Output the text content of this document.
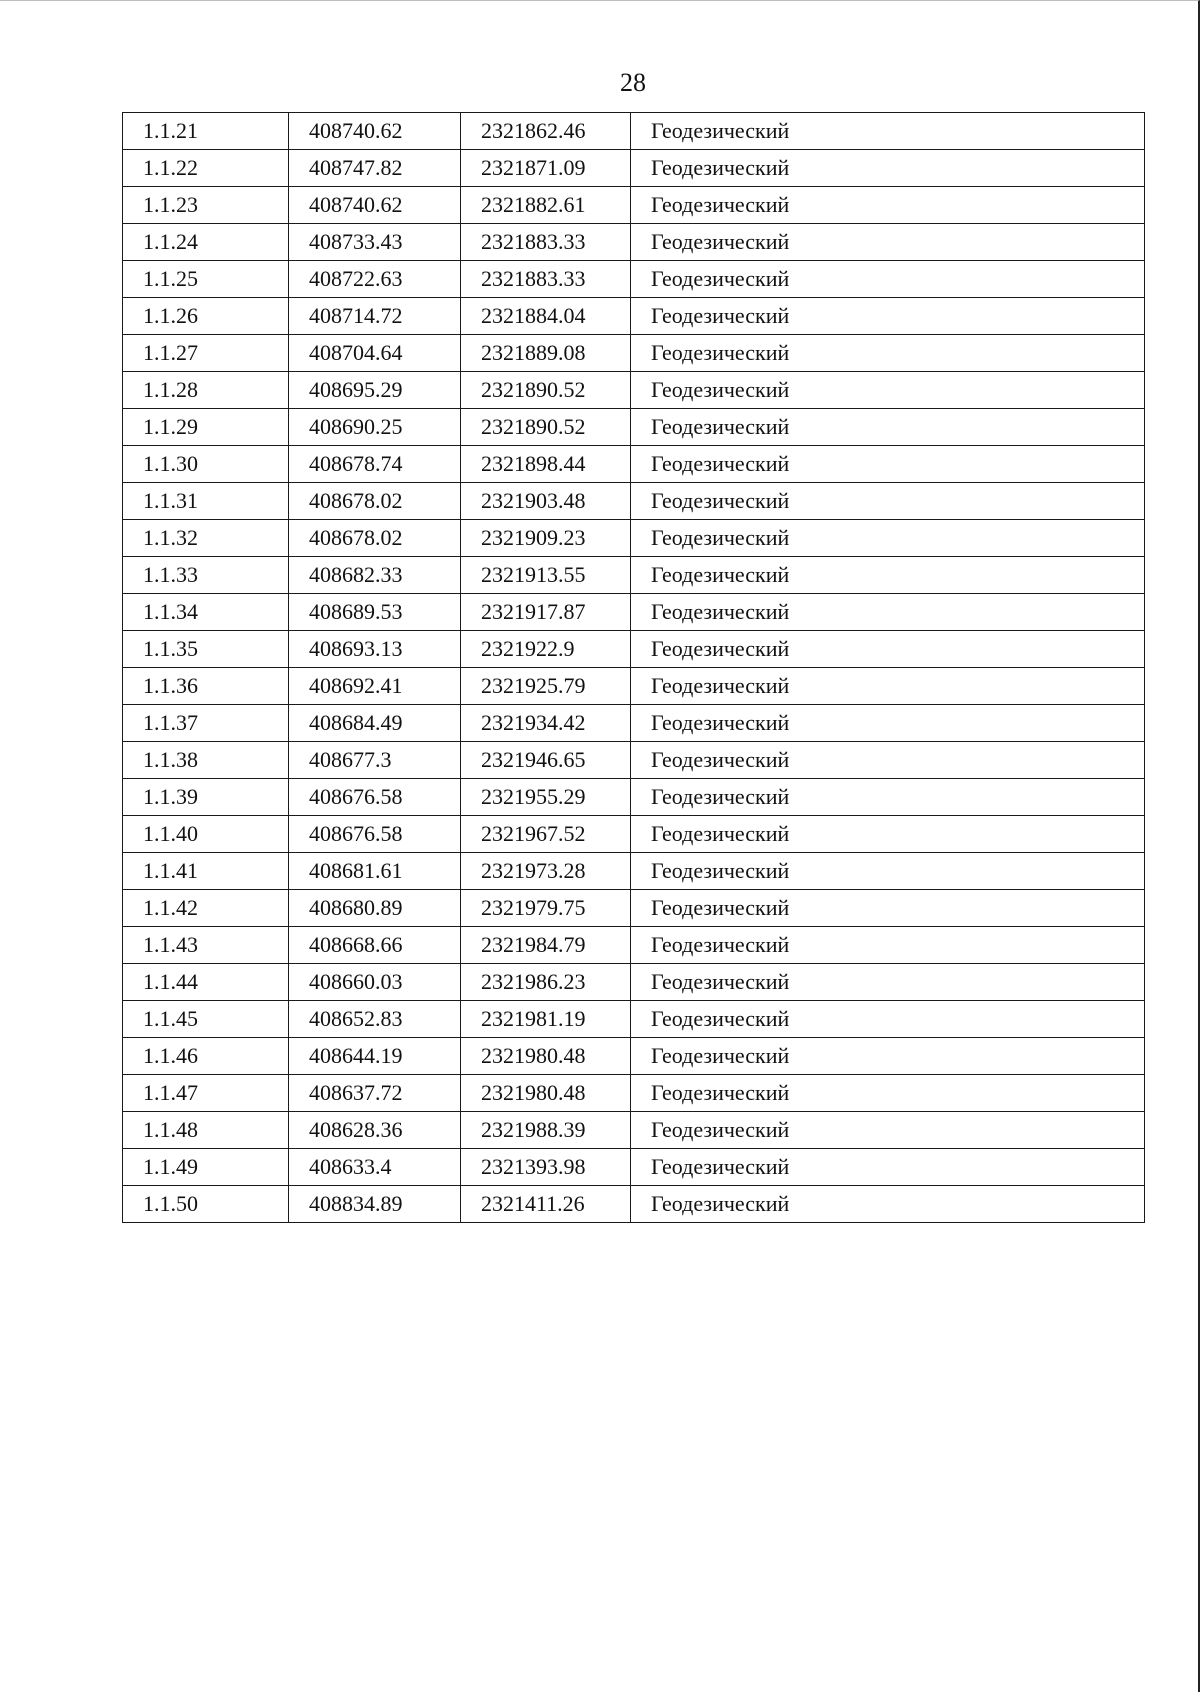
28
1.1.21	408740.62	2321862.46	Геодезический
1.1.22	408747.82	2321871.09	Геодезический
1.1.23	408740.62	2321882.61	Геодезический
1.1.24	408733.43	2321883.33	Геодезический
1.1.25	408722.63	2321883.33	Геодезический
1.1.26	408714.72	2321884.04	Геодезический
1.1.27	408704.64	2321889.08	Геодезический
1.1.28	408695.29	2321890.52	Геодезический
1.1.29	408690.25	2321890.52	Геодезический
1.1.30	408678.74	2321898.44	Геодезический
1.1.31	408678.02	2321903.48	Геодезический
1.1.32	408678.02	2321909.23	Геодезический
1.1.33	408682.33	2321913.55	Геодезический
1.1.34	408689.53	2321917.87	Геодезический
1.1.35	408693.13	2321922.9	Геодезический
1.1.36	408692.41	2321925.79	Геодезический
1.1.37	408684.49	2321934.42	Геодезический
1.1.38	408677.3	2321946.65	Геодезический
1.1.39	408676.58	2321955.29	Геодезический
1.1.40	408676.58	2321967.52	Геодезический
1.1.41	408681.61	2321973.28	Геодезический
1.1.42	408680.89	2321979.75	Геодезический
1.1.43	408668.66	2321984.79	Геодезический
1.1.44	408660.03	2321986.23	Геодезический
1.1.45	408652.83	2321981.19	Геодезический
1.1.46	408644.19	2321980.48	Геодезический
1.1.47	408637.72	2321980.48	Геодезический
1.1.48	408628.36	2321988.39	Геодезический
1.1.49	408633.4	2321393.98	Геодезический
1.1.50	408834.89	2321411.26	Геодезический
